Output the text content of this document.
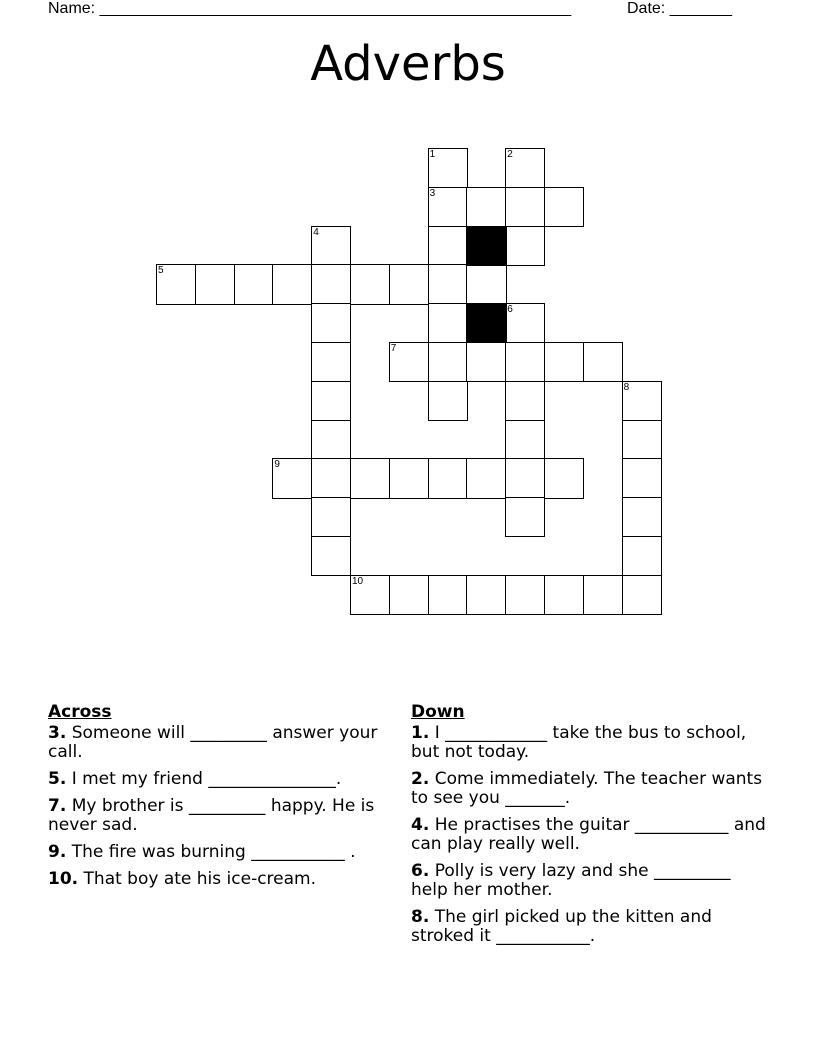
Name: _____________________________________________________	Date: _______
Adverbs
1	2
3
4
5
6
7
8
9
10
Across
3. Someone will _________ answer your call.
5. I met my friend _______________.
7. My brother is _________ happy. He is never sad.
9. The fire was burning ___________ .
10. That boy ate his ice-cream.
Down
1. I ____________ take the bus to school, but not today.
2. Come immediately. The teacher wants to see you _______.
4. He practises the guitar ___________ and can play really well.
6. Polly is very lazy and she _________ help her mother.
8. The girl picked up the kitten and stroked it ___________.
